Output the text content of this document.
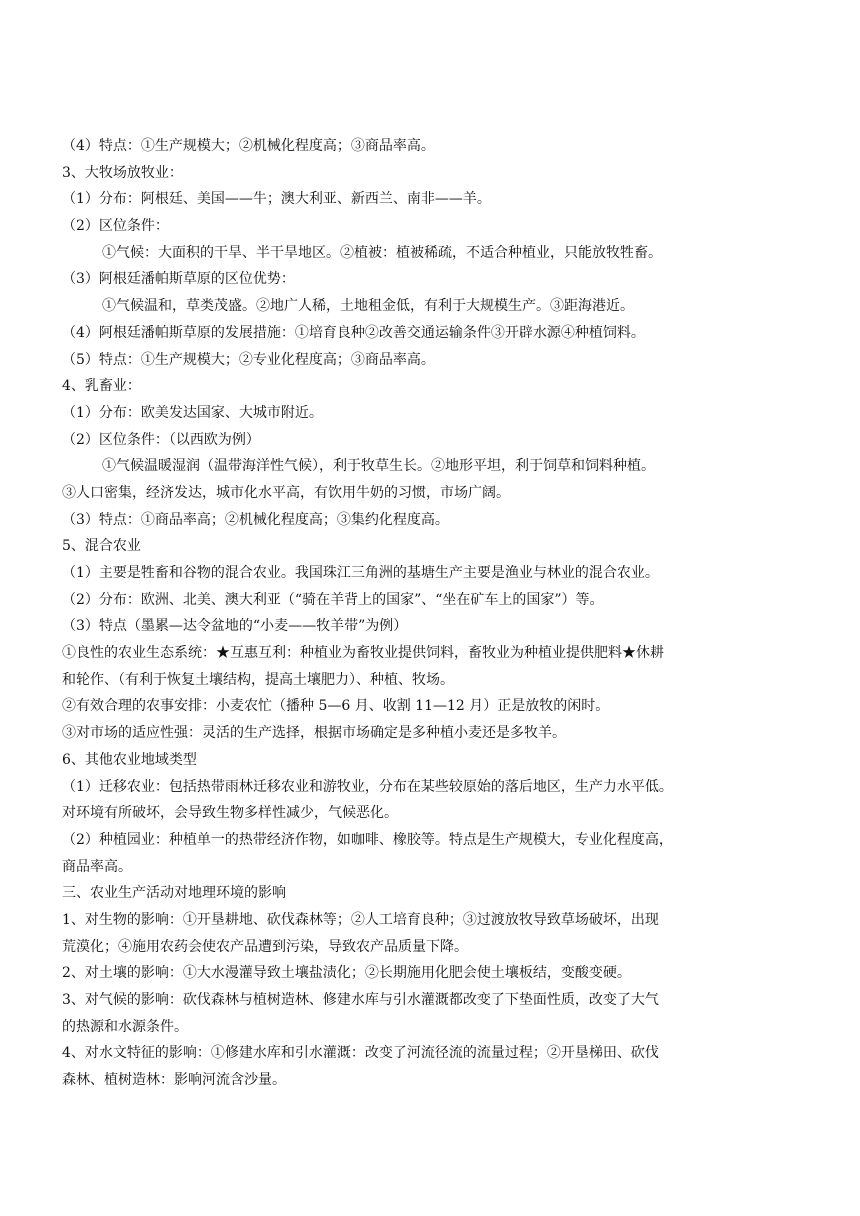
（4）特点：①生产规模大；②机械化程度高；③商品率高。
3、大牧场放牧业：
（1）分布：阿根廷、美国——牛；澳大利亚、新西兰、南非——羊。
（2）区位条件：
①气候：大面积的干旱、半干旱地区。②植被：植被稀疏，不适合种植业，只能放牧牲畜。
（3）阿根廷潘帕斯草原的区位优势：
①气候温和，草类茂盛。②地广人稀，土地租金低，有利于大规模生产。③距海港近。
（4）阿根廷潘帕斯草原的发展措施：①培育良种②改善交通运输条件③开辟水源④种植饲料。
（5）特点：①生产规模大；②专业化程度高；③商品率高。
4、乳畜业：
（1）分布：欧美发达国家、大城市附近。
（2）区位条件：（以西欧为例）
①气候温暖湿润（温带海洋性气候），利于牧草生长。②地形平坦，利于饲草和饲料种植。
③人口密集，经济发达，城市化水平高，有饮用牛奶的习惯，市场广阔。
（3）特点：①商品率高；②机械化程度高；③集约化程度高。
5、混合农业
（1）主要是牲畜和谷物的混合农业。我国珠江三角洲的基塘生产主要是渔业与林业的混合农业。
（2）分布：欧洲、北美、澳大利亚（“骑在羊背上的国家”、“坐在矿车上的国家”）等。
（3）特点（墨累—达令盆地的“小麦——牧羊带”为例）
①良性的农业生态系统：★互惠互利：种植业为畜牧业提供饲料，畜牧业为种植业提供肥料★休耕
和轮作、（有利于恢复土壤结构，提高土壤肥力）、种植、牧场。
②有效合理的农事安排：小麦农忙（播种 5—6 月、收割 11—12 月）正是放牧的闲时。
③对市场的适应性强：灵活的生产选择，根据市场确定是多种植小麦还是多牧羊。
6、其他农业地域类型
（1）迁移农业：包括热带雨林迁移农业和游牧业，分布在某些较原始的落后地区，生产力水平低。
对环境有所破坏，会导致生物多样性减少，气候恶化。
（2）种植园业：种植单一的热带经济作物，如咖啡、橡胶等。特点是生产规模大，专业化程度高，
商品率高。
三、农业生产活动对地理环境的影响
1、对生物的影响：①开垦耕地、砍伐森林等；②人工培育良种；③过渡放牧导致草场破坏，出现
荒漠化；④施用农药会使农产品遭到污染，导致农产品质量下降。
2、对土壤的影响：①大水漫灌导致土壤盐渍化；②长期施用化肥会使土壤板结，变酸变硬。
3、对气候的影响：砍伐森林与植树造林、修建水库与引水灌溉都改变了下垫面性质，改变了大气
的热源和水源条件。
4、对水文特征的影响：①修建水库和引水灌溉：改变了河流径流的流量过程；②开垦梯田、砍伐
森林、植树造林：影响河流含沙量。
